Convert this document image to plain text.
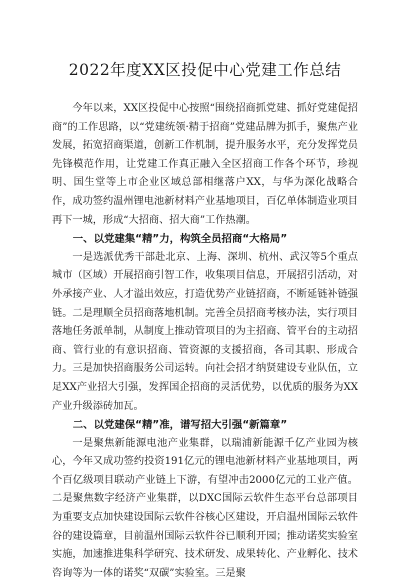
2022年度XX区投促中心党建工作总结

今年以来，XX区投促中心按照“围绕招商抓党建、抓好党建促招商”的工作思路，以“党建统领·精于招商”党建品牌为抓手，聚焦产业发展，拓宽招商渠道，创新工作机制，提升服务水平，充分发挥党员先锋模范作用，让党建工作真正融入全区招商工作各个环节，珍视明、国生堂等上市企业区域总部相继落户XX，与华为深化战略合作，成功签约温州锂电池新材料产业基地项目，百亿单体制造业项目再下一城，形成“大招商、招大商”工作热潮。

一、以党建集“精”力，构筑全员招商“大格局”

一是选派优秀干部赴北京、上海、深圳、杭州、武汉等5个重点城市（区域）开展招商引智工作，收集项目信息，开展招引活动，对外承接产业、人才溢出效应，打造优势产业链招商，不断延链补链强链。二是理顺全员招商落地机制。完善全员招商考核办法，实行项目落地任务派单制，从制度上推动管项目的为主招商、管平台的主动招商、管行业的有意识招商、管资源的支援招商，各司其职、形成合力。三是加快招商服务公司运转。向社会招才纳贤建设专业队伍，立足XX产业招大引强，发挥国企招商的灵活优势，以优质的服务为XX产业升级添砖加瓦。

二、以党建保“精”准，谱写招大引强“新篇章”

一是聚焦新能源电池产业集群，以瑞浦新能源千亿产业园为核心，今年又成功签约投资191亿元的锂电池新材料产业基地项目，两个百亿级项目联动产业链上下游，有望冲击2000亿元的工业产值。二是聚焦数字经济产业集群，以DXC国际云软件生态平台总部项目为重要支点加快建设国际云软件谷核心区建设，开启温州国际云软件谷的建设篇章，目前温州国际云软件谷已顺利开园；推动诺奖实验室实施，加速推进集科学研究、技术研发、成果转化、产业孵化、技术咨询等为一体的诺奖“双碳”实验室。三是聚
